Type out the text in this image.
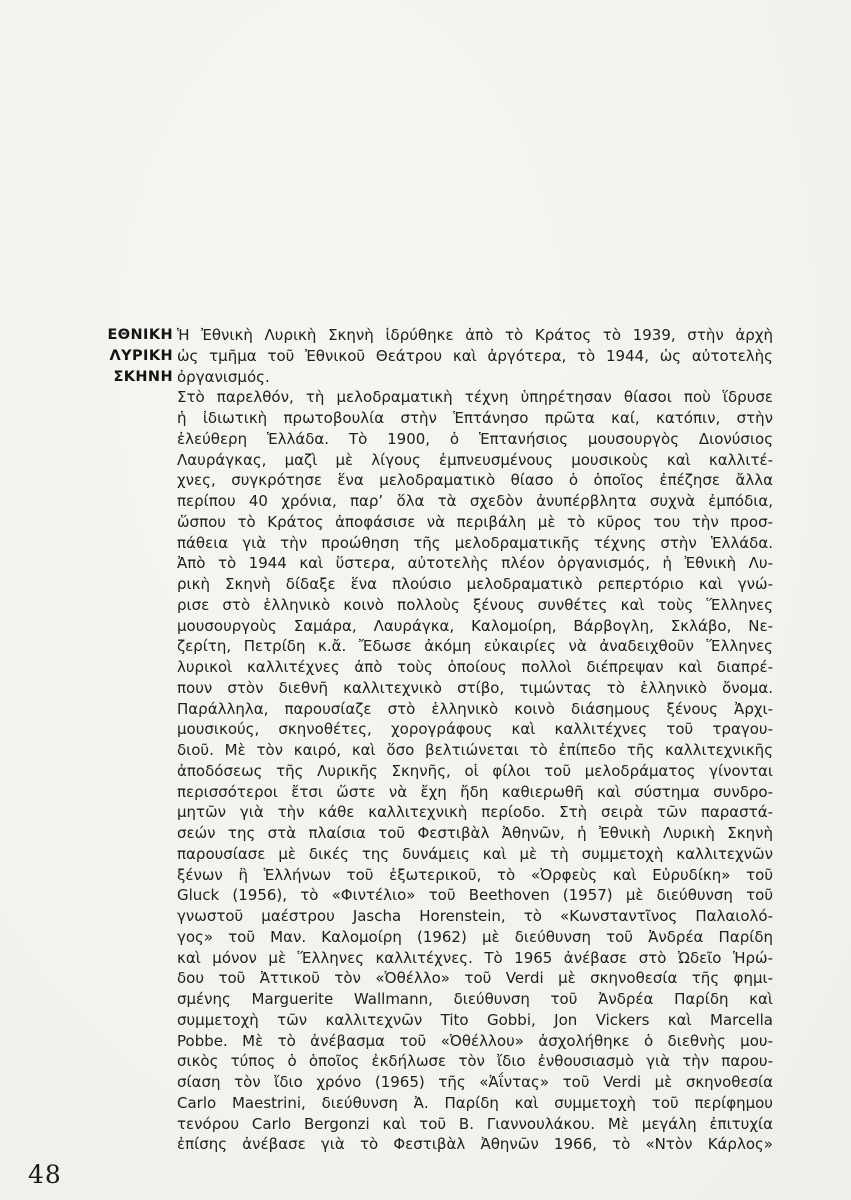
ΕΘΝΙΚΗ
ΛΥΡΙΚΗ
ΣΚΗΝΗ
Ἡ Ἐθνικὴ Λυρικὴ Σκηνὴ ἱδρύθηκε ἀπὸ τὸ Κράτος τὸ 1939, στὴν ἀρχὴ
ὡς τμῆμα τοῦ Ἐθνικοῦ Θεάτρου καὶ ἀργότερα, τὸ 1944, ὡς αὐτοτελὴς
ὀργανισμός.
Στὸ παρελθόν, τὴ μελοδραματικὴ τέχνη ὑπηρέτησαν θίασοι ποὺ ἵδρυσε
ἡ ἰδιωτικὴ πρωτοβουλία στὴν Ἑπτάνησο πρῶτα καί, κατόπιν, στὴν
ἐλεύθερη Ἑλλάδα. Τὸ 1900, ὁ Ἑπτανήσιος μουσουργὸς Διονύσιος
Λαυράγκας, μαζὶ μὲ λίγους ἐμπνευσμένους μουσικοὺς καὶ καλλιτέ-
χνες, συγκρότησε ἕνα μελοδραματικὸ θίασο ὁ ὁποῖος ἐπέζησε ἄλλα
περίπου 40 χρόνια, παρ’ ὅλα τὰ σχεδὸν ἀνυπέρβλητα συχνὰ ἐμπόδια,
ὥσπου τὸ Κράτος ἀποφάσισε νὰ περιβάλη μὲ τὸ κῦρος του τὴν προσ-
πάθεια γιὰ τὴν προώθηση τῆς μελοδραματικῆς τέχνης στὴν Ἑλλάδα.
Ἀπὸ τὸ 1944 καὶ ὕστερα, αὐτοτελὴς πλέον ὀργανισμός, ἡ Ἐθνικὴ Λυ-
ρικὴ Σκηνὴ δίδαξε ἕνα πλούσιο μελοδραματικὸ ρεπερτόριο καὶ γνώ-
ρισε στὸ ἑλληνικὸ κοινὸ πολλοὺς ξένους συνθέτες καὶ τοὺς Ἕλληνες
μουσουργοὺς Σαμάρα, Λαυράγκα, Καλομοίρη, Βάρβογλη, Σκλάβο, Νε-
ζερίτη, Πετρίδη κ.ἄ. Ἔδωσε ἀκόμη εὐκαιρίες νὰ ἀναδειχθοῦν Ἕλληνες
λυρικοὶ καλλιτέχνες ἀπὸ τοὺς ὁποίους πολλοὶ διέπρεψαν καὶ διαπρέ-
πουν στὸν διεθνῆ καλλιτεχνικὸ στίβο, τιμώντας τὸ ἑλληνικὸ ὄνομα.
Παράλληλα, παρουσίαζε στὸ ἑλληνικὸ κοινὸ διάσημους ξένους Ἀρχι-
μουσικούς, σκηνοθέτες, χορογράφους καὶ καλλιτέχνες τοῦ τραγου-
διοῦ. Μὲ τὸν καιρό, καὶ ὅσο βελτιώνεται τὸ ἐπίπεδο τῆς καλλιτεχνικῆς
ἀποδόσεως τῆς Λυρικῆς Σκηνῆς, οἱ φίλοι τοῦ μελοδράματος γίνονται
περισσότεροι ἔτσι ὥστε νὰ ἔχη ἤδη καθιερωθῆ καὶ σύστημα συνδρο-
μητῶν γιὰ τὴν κάθε καλλιτεχνικὴ περίοδο. Στὴ σειρὰ τῶν παραστά-
σεών της στὰ πλαίσια τοῦ Φεστιβὰλ Ἀθηνῶν, ἡ Ἐθνικὴ Λυρικὴ Σκηνὴ
παρουσίασε μὲ δικές της δυνάμεις καὶ μὲ τὴ συμμετοχὴ καλλιτεχνῶν
ξένων ἢ Ἑλλήνων τοῦ ἐξωτερικοῦ, τὸ «Ὀρφεὺς καὶ Εὐρυδίκη» τοῦ
Gluck (1956), τὸ «Φιντέλιο» τοῦ Beethoven (1957) μὲ διεύθυνση τοῦ
γνωστοῦ μαέστρου Jascha Horenstein, τὸ «Κωνσταντῖνος Παλαιολό-
γος» τοῦ Μαν. Καλομοίρη (1962) μὲ διεύθυνση τοῦ Ἀνδρέα Παρίδη
καὶ μόνον μὲ Ἕλληνες καλλιτέχνες. Τὸ 1965 ἀνέβασε στὸ Ὠδεῖο Ἡρώ-
δου τοῦ Ἀττικοῦ τὸν «Ὀθέλλο» τοῦ Verdi μὲ σκηνοθεσία τῆς φημι-
σμένης Marguerite Wallmann, διεύθυνση τοῦ Ἀνδρέα Παρίδη καὶ
συμμετοχὴ τῶν καλλιτεχνῶν Tito Gobbi, Jon Vickers καὶ Marcella
Pobbe. Μὲ τὸ ἀνέβασμα τοῦ «Ὀθέλλου» ἀσχολήθηκε ὁ διεθνὴς μου-
σικὸς τύπος ὁ ὁποῖος ἐκδήλωσε τὸν ἴδιο ἐνθουσιασμὸ γιὰ τὴν παρου-
σίαση τὸν ἴδιο χρόνο (1965) τῆς «Ἀΐντας» τοῦ Verdi μὲ σκηνοθεσία
Carlo Maestrini, διεύθυνση Ἀ. Παρίδη καὶ συμμετοχὴ τοῦ περίφημου
τενόρου Carlo Bergonzi καὶ τοῦ Β. Γιαννουλάκου. Μὲ μεγάλη ἐπιτυχία
ἐπίσης ἀνέβασε γιὰ τὸ Φεστιβὰλ Ἀθηνῶν 1966, τὸ «Ντὸν Κάρλος»
48
